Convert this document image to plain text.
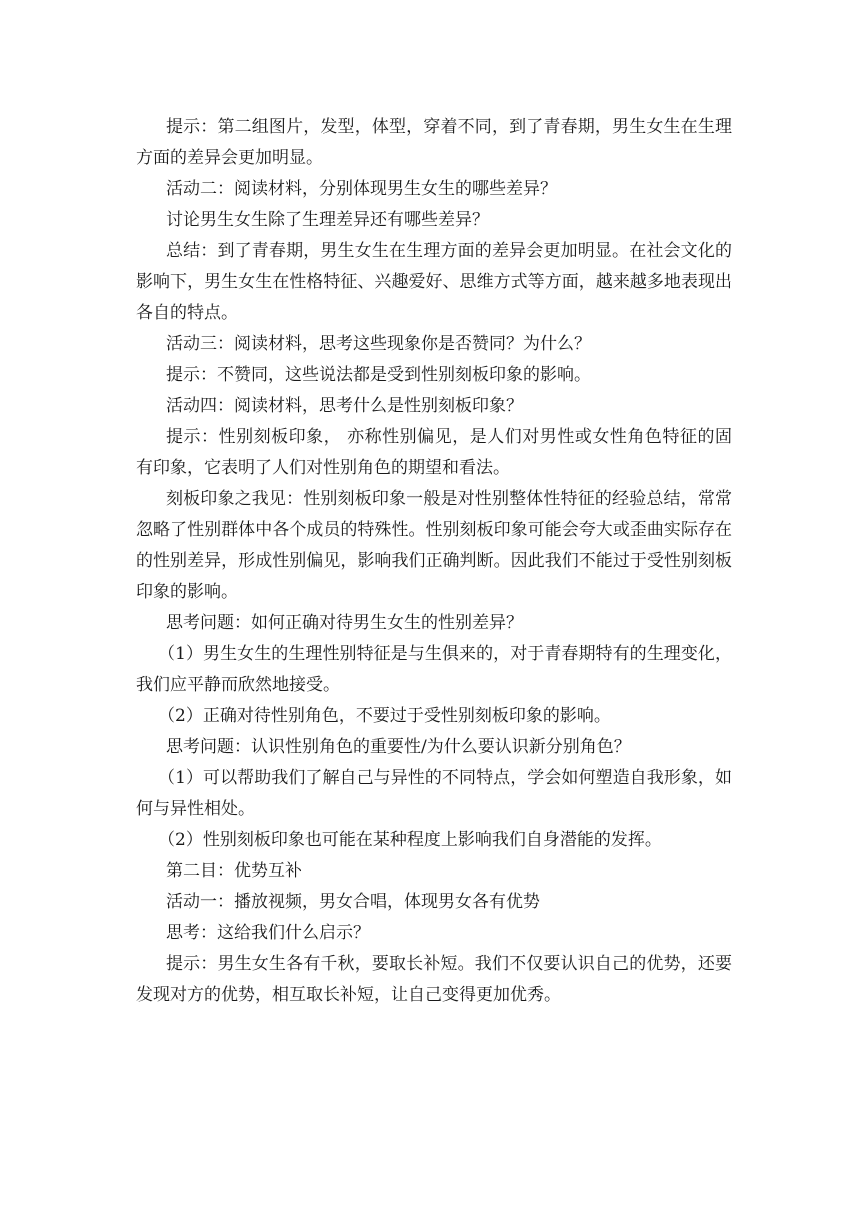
提示：第二组图片，发型，体型，穿着不同，到了青春期，男生女生在生理方面的差异会更加明显。

活动二：阅读材料，分别体现男生女生的哪些差异？

讨论男生女生除了生理差异还有哪些差异？

总结：到了青春期，男生女生在生理方面的差异会更加明显。在社会文化的影响下，男生女生在性格特征、兴趣爱好、思维方式等方面，越来越多地表现出各自的特点。

活动三：阅读材料，思考这些现象你是否赞同？为什么？

提示：不赞同，这些说法都是受到性别刻板印象的影响。

活动四：阅读材料，思考什么是性别刻板印象？

提示：性别刻板印象， 亦称性别偏见，是人们对男性或女性角色特征的固有印象，它表明了人们对性别角色的期望和看法。

刻板印象之我见：性别刻板印象一般是对性别整体性特征的经验总结，常常忽略了性别群体中各个成员的特殊性。性别刻板印象可能会夸大或歪曲实际存在的性别差异，形成性别偏见，影响我们正确判断。因此我们不能过于受性别刻板印象的影响。

思考问题：如何正确对待男生女生的性别差异？

（1）男生女生的生理性别特征是与生俱来的，对于青春期特有的生理变化，我们应平静而欣然地接受。

（2）正确对待性别角色，不要过于受性别刻板印象的影响。

思考问题：认识性别角色的重要性/为什么要认识新分别角色？

（1）可以帮助我们了解自己与异性的不同特点，学会如何塑造自我形象，如何与异性相处。

（2）性别刻板印象也可能在某种程度上影响我们自身潜能的发挥。

第二目：优势互补

活动一：播放视频，男女合唱，体现男女各有优势

思考：这给我们什么启示？

提示：男生女生各有千秋，要取长补短。我们不仅要认识自己的优势，还要发现对方的优势，相互取长补短，让自己变得更加优秀。
